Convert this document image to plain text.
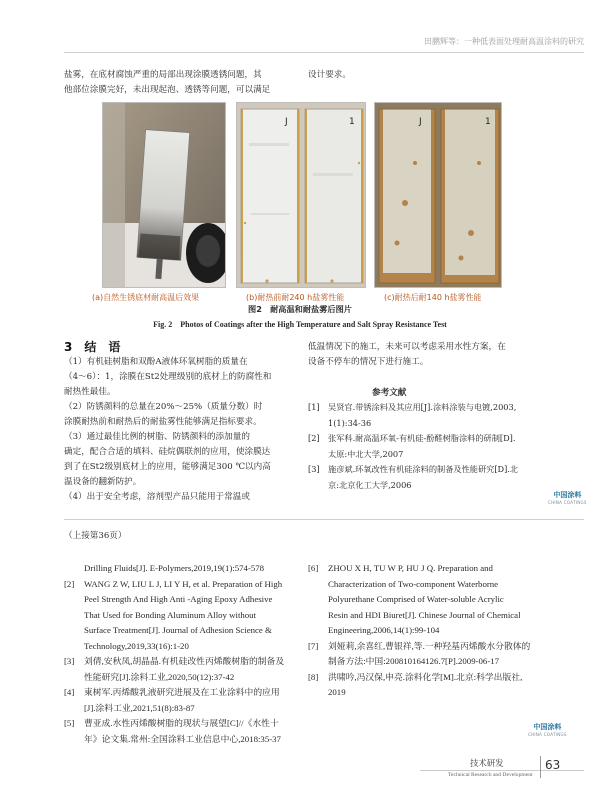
田鹏辉等：一种低表面处理耐高温涂料的研究

盐雾，在底材腐蚀严重的局部出现涂膜透锈问题，其

他部位涂膜完好，未出现起泡、透锈等问题，可以满足

设计要求。
J	1	J	1
(a)自然生锈底材耐高温后效果	(b)耐热前耐240 h盐雾性能	(c)耐热后耐140 h盐雾性能
图2　耐高温和耐盐雾后图片
Fig. 2　Photos of Coatings after the High Temperature and Salt Spray Resistance Test
3　结　语

（1）有机硅树脂和双酚A液体环氧树脂的质量在

（4～6）：1，涂膜在St2处理级别的底材上的防腐性和

耐热性最佳。

（2）防锈颜料的总量在20%～25%（质量分数）时

涂膜耐热前和耐热后的耐盐雾性能够满足指标要求。

（3）通过最佳比例的树脂、防锈颜料的添加量的

确定，配合合适的填料、硅烷偶联剂的应用，使涂膜达

到了在St2级别底材上的应用，能够满足300 ℃以内高

温设备的翻新防护。

（4）出于安全考虑，溶剂型产品只能用于常温或

低温情况下的施工，未来可以考虑采用水性方案，在

设备不停车的情况下进行施工。

参考文献
[1]	吴贤官.带锈涂料及其应用[J].涂料涂装与电镀,2003,
1(1):34-36
[2]	张军科.耐高温环氧-有机硅-酚醛树脂涂料的研制[D].
太原:中北大学,2007
[3]	施彦斌.环氧改性有机硅涂料的制备及性能研究[D].北
京:北京化工大学,2006
中国涂料
CHINA COATINGS
（上接第36页）
Drilling Fluids[J]. E-Polymers,2019,19(1):574-578
[2]	WANG Z W, LIU L J, LI Y H, et al. Preparation of High
Peel Strength And High Anti -Aging Epoxy Adhesive
That Used for Bonding Aluminum Alloy without
Surface Treatment[J]. Journal of Adhesion Science &
Technology,2019,33(16):1-20
[3]	刘倩,安秋凤,胡晶晶.有机硅改性丙烯酸树脂的制备及
性能研究[J].涂料工业,2020,50(12):37-42
[4]	東树军.丙烯酸乳液研究进展及在工业涂料中的应用
[J].涂料工业,2021,51(8):83-87
[5]	曹亚成.水性丙烯酸树脂的现状与展望[C]//《水性十
年》论文集.常州:全国涂料工业信息中心,2018:35-37
[6]	ZHOU X H, TU W P, HU J Q. Preparation and
Characterization of Two-component Waterborne
Polyurethane Comprised of Water-soluble Acrylic
Resin and HDI Biuret[J]. Chinese Journal of Chemical
Engineering,2006,14(1):99-104
[7]	刘娅莉,余喜红,曹银祥,等.一种羟基丙烯酸水分散体的
制备方法:中国:200810164126.7[P].2009-06-17
[8]	洪啸吟,冯汉保,申亮.涂料化学[M].北京:科学出版社,
2019
中国涂料
CHINA COATINGS
技术研发
Technical Research and Development
63
